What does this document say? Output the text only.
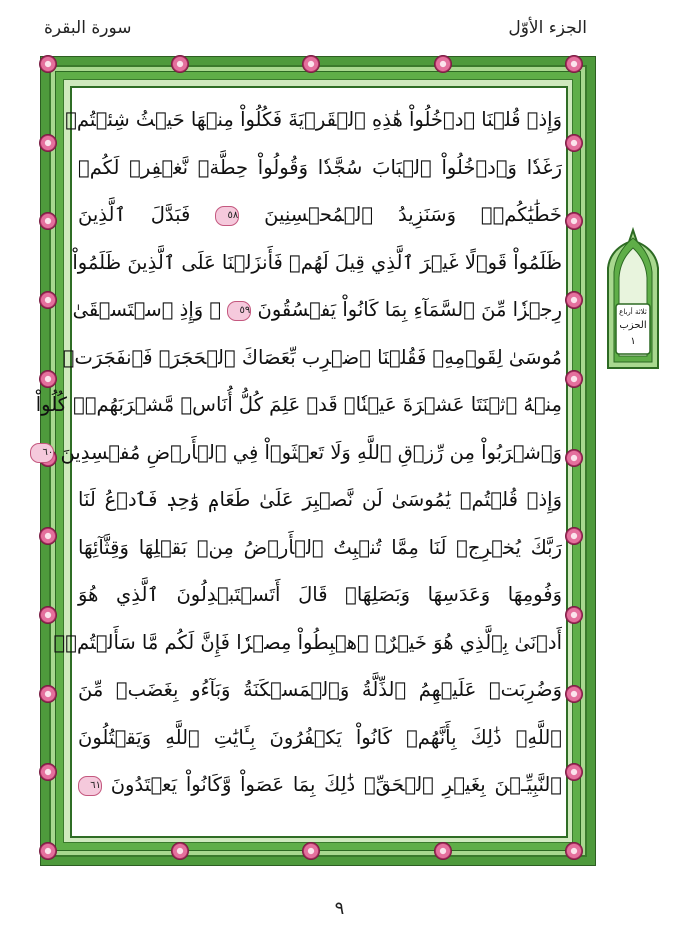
سورة البقرة	الجزء الأوّل
وَإِذۡ قُلۡنَا ٱدۡخُلُواْ هَٰذِهِ ٱلۡقَرۡيَةَ فَكُلُواْ مِنۡهَا حَيۡثُ شِئۡتُمۡ
رَغَدٗا وَٱدۡخُلُواْ ٱلۡبَابَ سُجَّدٗا وَقُولُواْ حِطَّةٞ نَّغۡفِرۡ لَكُمۡ
خَطَٰيَٰكُمۡۚ وَسَنَزِيدُ ٱلۡمُحۡسِنِينَ ٥٨ فَبَدَّلَ ٱلَّذِينَ
ظَلَمُواْ قَوۡلًا غَيۡرَ ٱلَّذِي قِيلَ لَهُمۡ فَأَنزَلۡنَا عَلَى ٱلَّذِينَ ظَلَمُواْ
رِجۡزٗا مِّنَ ٱلسَّمَآءِ بِمَا كَانُواْ يَفۡسُقُونَ ٥٩ ۞ وَإِذِ ٱسۡتَسۡقَىٰ
مُوسَىٰ لِقَوۡمِهِۦ فَقُلۡنَا ٱضۡرِب بِّعَصَاكَ ٱلۡحَجَرَۖ فَٱنفَجَرَتۡ
مِنۡهُ ٱثۡنَتَا عَشۡرَةَ عَيۡنٗاۖ قَدۡ عَلِمَ كُلُّ أُنَاسٖ مَّشۡرَبَهُمۡۖ كُلُواْ
وَٱشۡرَبُواْ مِن رِّزۡقِ ٱللَّهِ وَلَا تَعۡثَوۡاْ فِي ٱلۡأَرۡضِ مُفۡسِدِينَ ٦٠
وَإِذۡ قُلۡتُمۡ يَٰمُوسَىٰ لَن نَّصۡبِرَ عَلَىٰ طَعَامٖ وَٰحِدٖ فَٱدۡعُ لَنَا
رَبَّكَ يُخۡرِجۡ لَنَا مِمَّا تُنۢبِتُ ٱلۡأَرۡضُ مِنۢ بَقۡلِهَا وَقِثَّآئِهَا
وَفُومِهَا وَعَدَسِهَا وَبَصَلِهَاۖ قَالَ أَتَسۡتَبۡدِلُونَ ٱلَّذِي هُوَ
أَدۡنَىٰ بِٱلَّذِي هُوَ خَيۡرٌۚ ٱهۡبِطُواْ مِصۡرٗا فَإِنَّ لَكُم مَّا سَأَلۡتُمۡۗ
وَضُرِبَتۡ عَلَيۡهِمُ ٱلذِّلَّةُ وَٱلۡمَسۡكَنَةُ وَبَآءُو بِغَضَبٖ مِّنَ
ٱللَّهِۗ ذَٰلِكَ بِأَنَّهُمۡ كَانُواْ يَكۡفُرُونَ بِـَٔايَٰتِ ٱللَّهِ وَيَقۡتُلُونَ
ٱلنَّبِيِّـۧنَ بِغَيۡرِ ٱلۡحَقِّۗ ذَٰلِكَ بِمَا عَصَواْ وَّكَانُواْ يَعۡتَدُونَ ٦١
ثلاثة أرباع
الحزب
١
٩
